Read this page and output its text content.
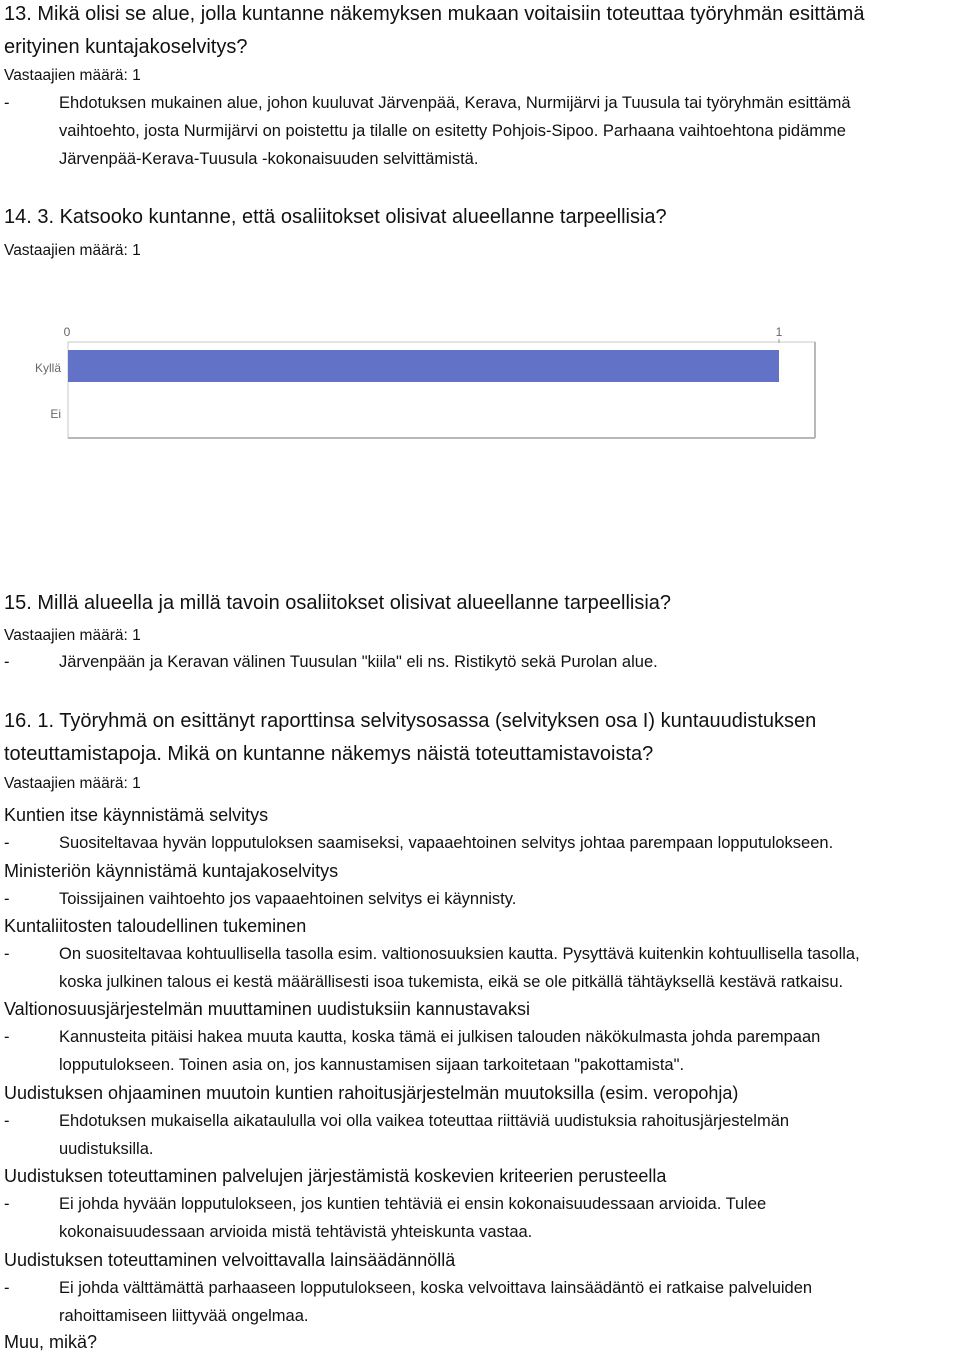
13. Mikä olisi se alue, jolla kuntanne näkemyksen mukaan voitaisiin toteuttaa työryhmän esittämä
erityinen kuntajakoselvitys?
Vastaajien määrä: 1
-	Ehdotuksen mukainen alue, johon kuuluvat Järvenpää, Kerava, Nurmijärvi ja Tuusula tai työryhmän esittämä
vaihtoehto, josta Nurmijärvi on poistettu ja tilalle on esitetty Pohjois-Sipoo. Parhaana vaihtoehtona pidämme
Järvenpää-Kerava-Tuusula -kokonaisuuden selvittämistä.
14. 3. Katsooko kuntanne, että osaliitokset olisivat alueellanne tarpeellisia?
Vastaajien määrä: 1
0	1
Kyllä
Ei
15. Millä alueella ja millä tavoin osaliitokset olisivat alueellanne tarpeellisia?
Vastaajien määrä: 1
-	Järvenpään ja Keravan välinen Tuusulan "kiila" eli ns. Ristikytö sekä Purolan alue.
16. 1. Työryhmä on esittänyt raporttinsa selvitysosassa (selvityksen osa I) kuntauudistuksen
toteuttamistapoja. Mikä on kuntanne näkemys näistä toteuttamistavoista?
Vastaajien määrä: 1
Kuntien itse käynnistämä selvitys
-	Suositeltavaa hyvän lopputuloksen saamiseksi, vapaaehtoinen selvitys johtaa parempaan lopputulokseen.
Ministeriön käynnistämä kuntajakoselvitys
-	Toissijainen vaihtoehto jos vapaaehtoinen selvitys ei käynnisty.
Kuntaliitosten taloudellinen tukeminen
-	On suositeltavaa kohtuullisella tasolla esim. valtionosuuksien kautta. Pysyttävä kuitenkin kohtuullisella tasolla,
koska julkinen talous ei kestä määrällisesti isoa tukemista, eikä se ole pitkällä tähtäyksellä kestävä ratkaisu.
Valtionosuusjärjestelmän muuttaminen uudistuksiin kannustavaksi
-	Kannusteita pitäisi hakea muuta kautta, koska tämä ei julkisen talouden näkökulmasta johda parempaan
lopputulokseen. Toinen asia on, jos kannustamisen sijaan tarkoitetaan "pakottamista".
Uudistuksen ohjaaminen muutoin kuntien rahoitusjärjestelmän muutoksilla (esim. veropohja)
-	Ehdotuksen mukaisella aikataululla voi olla vaikea toteuttaa riittäviä uudistuksia rahoitusjärjestelmän
uudistuksilla.
Uudistuksen toteuttaminen palvelujen järjestämistä koskevien kriteerien perusteella
-	Ei johda hyvään lopputulokseen, jos kuntien tehtäviä ei ensin kokonaisuudessaan arvioida. Tulee
kokonaisuudessaan arvioida mistä tehtävistä yhteiskunta vastaa.
Uudistuksen toteuttaminen velvoittavalla lainsäädännöllä
-	Ei johda välttämättä parhaaseen lopputulokseen, koska velvoittava lainsäädäntö ei ratkaise palveluiden
rahoittamiseen liittyvää ongelmaa.
Muu, mikä?
